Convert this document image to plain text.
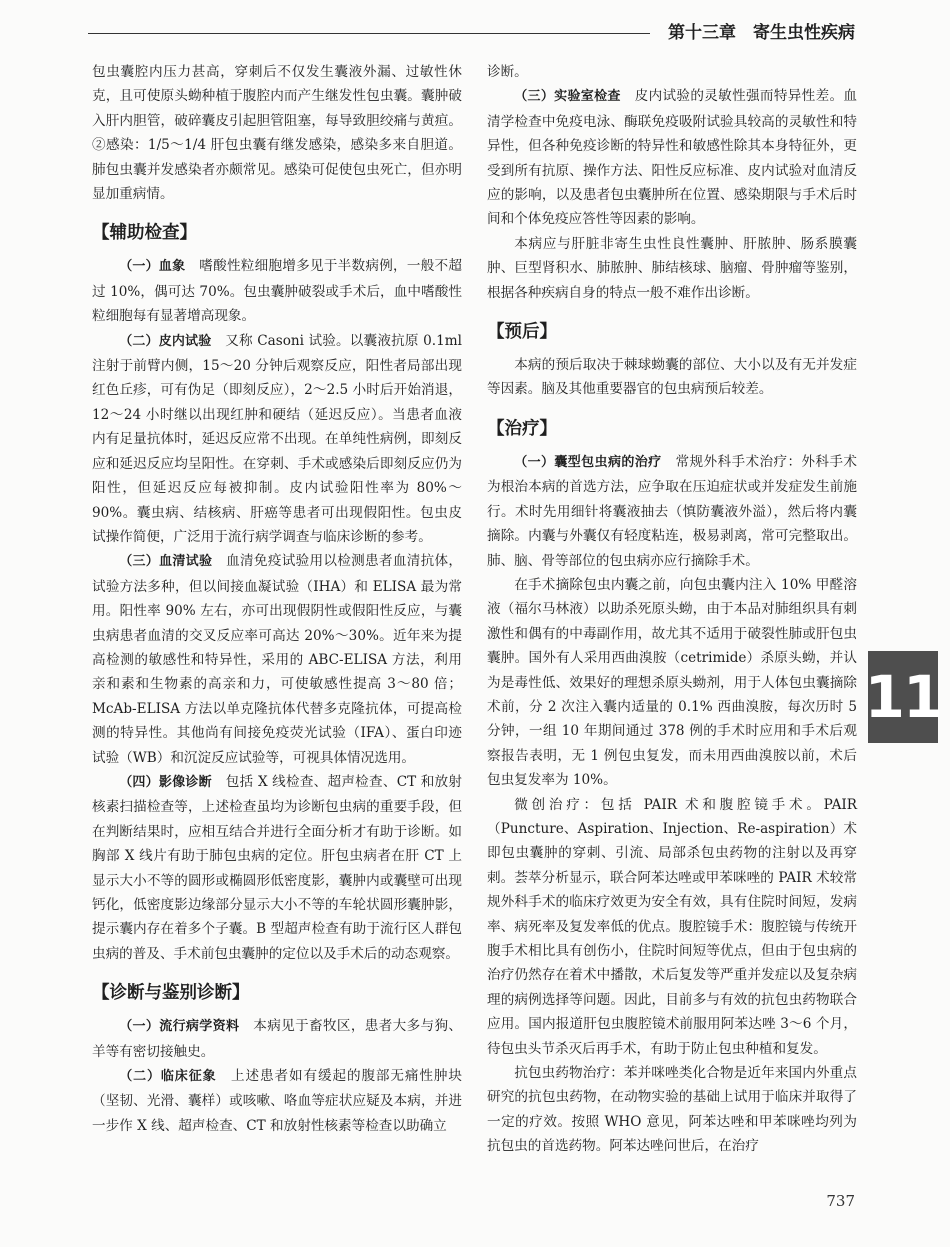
第十三章　寄生虫性疾病

包虫囊腔内压力甚高，穿刺后不仅发生囊液外漏、过敏性休克，且可使原头蚴种植于腹腔内而产生继发性包虫囊。囊肿破入肝内胆管，破碎囊皮引起胆管阻塞，每导致胆绞痛与黄疸。②感染：1/5～1/4 肝包虫囊有继发感染，感染多来自胆道。肺包虫囊并发感染者亦颇常见。感染可促使包虫死亡，但亦明显加重病情。

【辅助检查】

（一）血象　嗜酸性粒细胞增多见于半数病例，一般不超过 10%，偶可达 70%。包虫囊肿破裂或手术后，血中嗜酸性粒细胞每有显著增高现象。

（二）皮内试验　又称 Casoni 试验。以囊液抗原 0.1ml 注射于前臂内侧，15～20 分钟后观察反应，阳性者局部出现红色丘疹，可有伪足（即刻反应），2～2.5 小时后开始消退，12～24 小时继以出现红肿和硬结（延迟反应）。当患者血液内有足量抗体时，延迟反应常不出现。在单纯性病例，即刻反应和延迟反应均呈阳性。在穿刺、手术或感染后即刻反应仍为阳性，但延迟反应每被抑制。皮内试验阳性率为 80%～90%。囊虫病、结核病、肝癌等患者可出现假阳性。包虫皮试操作简便，广泛用于流行病学调查与临床诊断的参考。

（三）血清试验　血清免疫试验用以检测患者血清抗体，试验方法多种，但以间接血凝试验（IHA）和 ELISA 最为常用。阳性率 90% 左右，亦可出现假阴性或假阳性反应，与囊虫病患者血清的交叉反应率可高达 20%～30%。近年来为提高检测的敏感性和特异性，采用的 ABC-ELISA 方法，利用亲和素和生物素的高亲和力，可使敏感性提高 3～80 倍；McAb-ELISA 方法以单克隆抗体代替多克隆抗体，可提高检测的特异性。其他尚有间接免疫荧光试验（IFA）、蛋白印迹试验（WB）和沉淀反应试验等，可视具体情况选用。

（四）影像诊断　包括 X 线检查、超声检查、CT 和放射核素扫描检查等，上述检查虽均为诊断包虫病的重要手段，但在判断结果时，应相互结合并进行全面分析才有助于诊断。如胸部 X 线片有助于肺包虫病的定位。肝包虫病者在肝 CT 上显示大小不等的圆形或椭圆形低密度影，囊肿内或囊壁可出现钙化，低密度影边缘部分显示大小不等的车轮状圆形囊肿影，提示囊内存在着多个子囊。B 型超声检查有助于流行区人群包虫病的普及、手术前包虫囊肿的定位以及手术后的动态观察。

【诊断与鉴别诊断】

（一）流行病学资料　本病见于畜牧区，患者大多与狗、羊等有密切接触史。

（二）临床征象　上述患者如有缓起的腹部无痛性肿块（坚韧、光滑、囊样）或咳嗽、咯血等症状应疑及本病，并进一步作 X 线、超声检查、CT 和放射性核素等检查以助确立

诊断。

（三）实验室检查　皮内试验的灵敏性强而特异性差。血清学检查中免疫电泳、酶联免疫吸附试验具较高的灵敏性和特异性，但各种免疫诊断的特异性和敏感性除其本身特征外，更受到所有抗原、操作方法、阳性反应标准、皮内试验对血清反应的影响，以及患者包虫囊肿所在位置、感染期限与手术后时间和个体免疫应答性等因素的影响。

本病应与肝脏非寄生虫性良性囊肿、肝脓肿、肠系膜囊肿、巨型肾积水、肺脓肿、肺结核球、脑瘤、骨肿瘤等鉴别，根据各种疾病自身的特点一般不难作出诊断。

【预后】

本病的预后取决于棘球蚴囊的部位、大小以及有无并发症等因素。脑及其他重要器官的包虫病预后较差。

【治疗】

（一）囊型包虫病的治疗　常规外科手术治疗：外科手术为根治本病的首选方法，应争取在压迫症状或并发症发生前施行。术时先用细针将囊液抽去（慎防囊液外溢），然后将内囊摘除。内囊与外囊仅有轻度粘连，极易剥离，常可完整取出。肺、脑、骨等部位的包虫病亦应行摘除手术。

在手术摘除包虫内囊之前，向包虫囊内注入 10% 甲醛溶液（福尔马林液）以助杀死原头蚴，由于本品对肺组织具有刺激性和偶有的中毒副作用，故尤其不适用于破裂性肺或肝包虫囊肿。国外有人采用西曲溴胺（cetrimide）杀原头蚴，并认为是毒性低、效果好的理想杀原头蚴剂，用于人体包虫囊摘除术前，分 2 次注入囊内适量的 0.1% 西曲溴胺，每次历时 5 分钟，一组 10 年期间通过 378 例的手术时应用和手术后观察报告表明，无 1 例包虫复发，而未用西曲溴胺以前，术后包虫复发率为 10%。

微创治疗：包括 PAIR 术和腹腔镜手术。PAIR（Puncture、Aspiration、Injection、Re-aspiration）术即包虫囊肿的穿刺、引流、局部杀包虫药物的注射以及再穿刺。荟萃分析显示，联合阿苯达唑或甲苯咪唑的 PAIR 术较常规外科手术的临床疗效更为安全有效，具有住院时间短，发病率、病死率及复发率低的优点。腹腔镜手术：腹腔镜与传统开腹手术相比具有创伤小，住院时间短等优点，但由于包虫病的治疗仍然存在着术中播散，术后复发等严重并发症以及复杂病理的病例选择等问题。因此，目前多与有效的抗包虫药物联合应用。国内报道肝包虫腹腔镜术前服用阿苯达唑 3～6 个月，待包虫头节杀灭后再手术，有助于防止包虫种植和复发。

抗包虫药物治疗：苯并咪唑类化合物是近年来国内外重点研究的抗包虫药物，在动物实验的基础上试用于临床并取得了一定的疗效。按照 WHO 意见，阿苯达唑和甲苯咪唑均列为抗包虫的首选药物。阿苯达唑问世后，在治疗

11
737
